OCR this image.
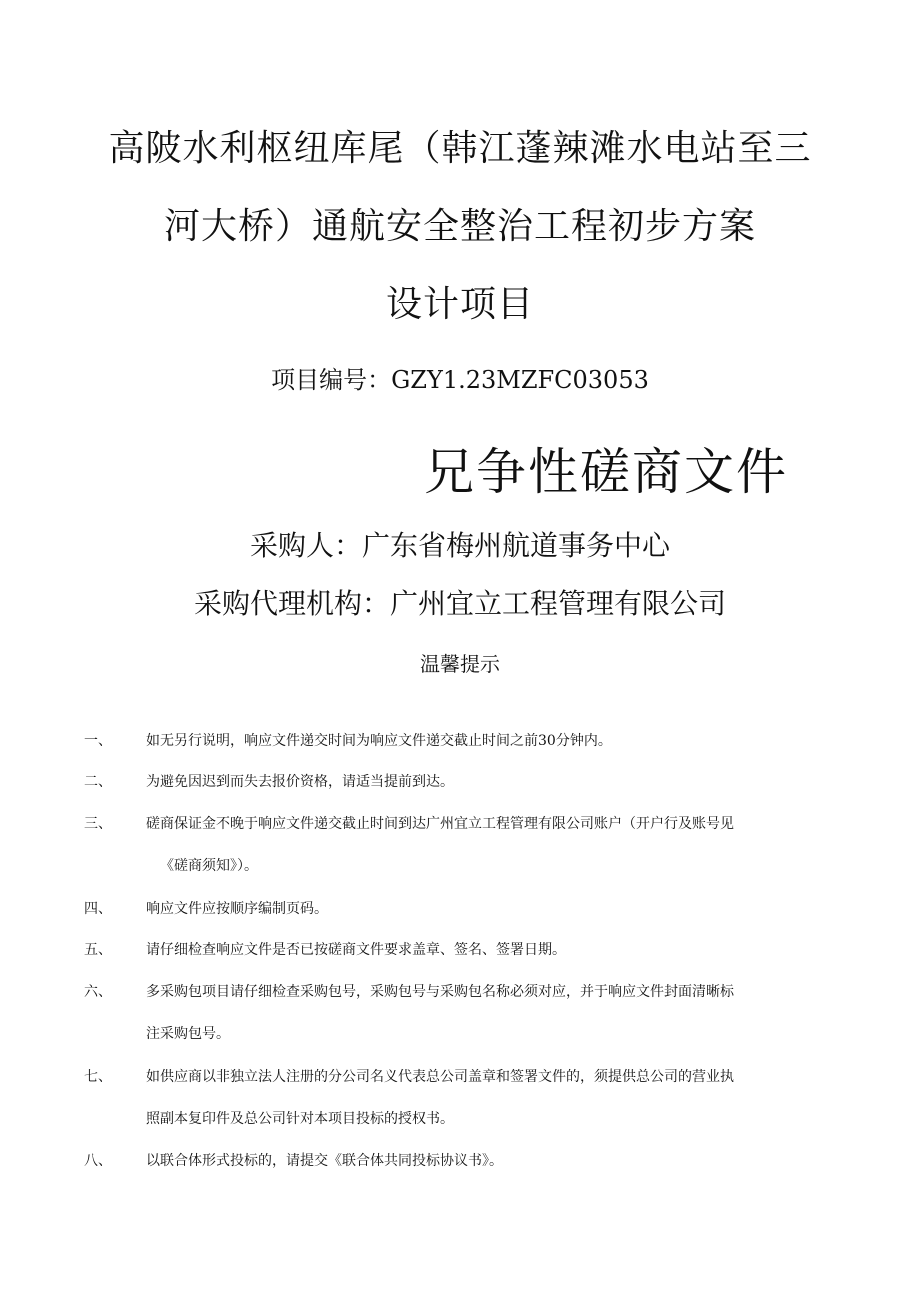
高陂水利枢纽库尾（韩江蓬辣滩水电站至三
河大桥）通航安全整治工程初步方案
设计项目
项目编号：GZY1.23MZFC03053
兄争性磋商文件
采购人：广东省梅州航道事务中心
采购代理机构：广州宜立工程管理有限公司
温馨提示
一、 如无另行说明，响应文件递交时间为响应文件递交截止时间之前30分钟内。
二、 为避免因迟到而失去报价资格，请适当提前到达。
三、 磋商保证金不晚于响应文件递交截止时间到达广州宜立工程管理有限公司账户（开户行及账号见
《磋商须知》）。
四、 响应文件应按顺序编制页码。
五、 请仔细检查响应文件是否已按磋商文件要求盖章、签名、签署日期。
六、 多采购包项目请仔细检查采购包号，采购包号与采购包名称必须对应，并于响应文件封面清晰标
注采购包号。
七、 如供应商以非独立法人注册的分公司名义代表总公司盖章和签署文件的，须提供总公司的营业执
照副本复印件及总公司针对本项目投标的授权书。
八、 以联合体形式投标的，请提交《联合体共同投标协议书》。
